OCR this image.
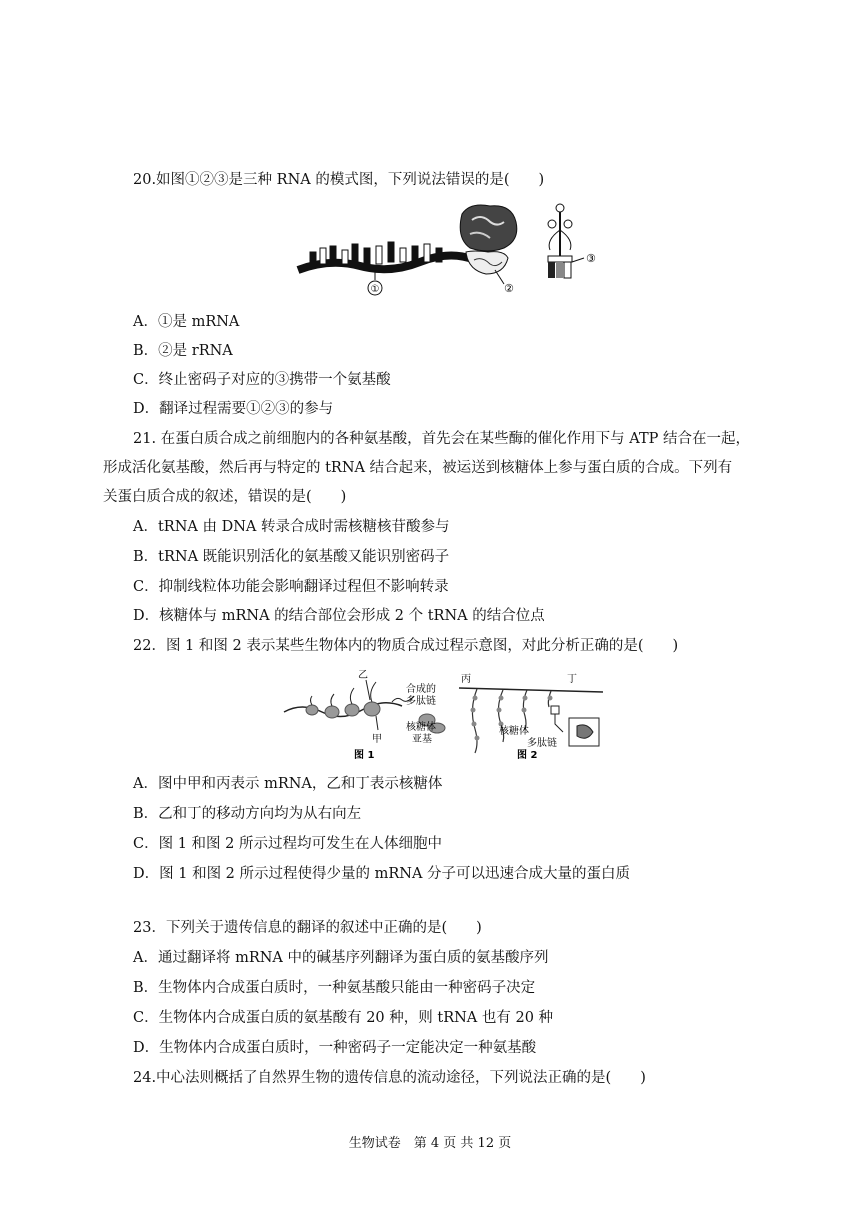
20.如图①②③是三种 RNA 的模式图，下列说法错误的是(　　)
①	②
③
A．①是 mRNA
B．②是 rRNA
C．终止密码子对应的③携带一个氨基酸
D．翻译过程需要①②③的参与
21. 在蛋白质合成之前细胞内的各种氨基酸，首先会在某些酶的催化作用下与 ATP 结合在一起，
形成活化氨基酸，然后再与特定的 tRNA 结合起来，被运送到核糖体上参与蛋白质的合成。下列有
关蛋白质合成的叙述，错误的是(　　)
A．tRNA 由 DNA 转录合成时需核糖核苷酸参与
B．tRNA 既能识别活化的氨基酸又能识别密码子
C．抑制线粒体功能会影响翻译过程但不影响转录
D．核糖体与 mRNA 的结合部位会形成 2 个 tRNA 的结合位点
22．图 1 和图 2 表示某些生物体内的物质合成过程示意图，对此分析正确的是(　　)
乙
甲
合成的
多肽链
核糖体
亚基
图 1
丙	丁
核糖体
多肽链
图 2
A．图中甲和丙表示 mRNA，乙和丁表示核糖体
B．乙和丁的移动方向均为从右向左
C．图 1 和图 2 所示过程均可发生在人体细胞中
D．图 1 和图 2 所示过程使得少量的 mRNA 分子可以迅速合成大量的蛋白质
23．下列关于遗传信息的翻译的叙述中正确的是(　　)
A．通过翻译将 mRNA 中的碱基序列翻译为蛋白质的氨基酸序列
B．生物体内合成蛋白质时，一种氨基酸只能由一种密码子决定
C．生物体内合成蛋白质的氨基酸有 20 种，则 tRNA 也有 20 种
D．生物体内合成蛋白质时，一种密码子一定能决定一种氨基酸
24.中心法则概括了自然界生物的遗传信息的流动途径，下列说法正确的是(　　)
生物试卷　第 4 页 共 12 页
